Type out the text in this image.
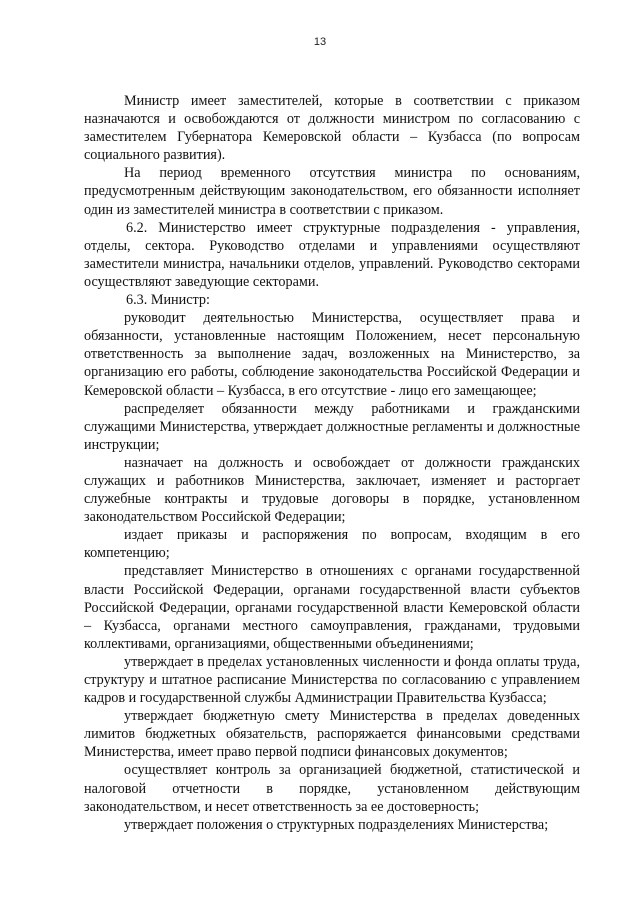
13

Министр имеет заместителей, которые в соответствии с приказом назначаются и освобождаются от должности министром по согласованию с заместителем Губернатора Кемеровской области – Кузбасса (по вопросам социального развития).

На период временного отсутствия министра по основаниям, предусмотренным действующим законодательством, его обязанности исполняет один из заместителей министра в соответствии с приказом.

6.2. Министерство имеет структурные подразделения - управления, отделы, сектора. Руководство отделами и управлениями осуществляют заместители министра, начальники отделов, управлений. Руководство секторами осуществляют заведующие секторами.

6.3. Министр:

руководит деятельностью Министерства, осуществляет права и обязанности, установленные настоящим Положением, несет персональную ответственность за выполнение задач, возложенных на Министерство, за организацию его работы, соблюдение законодательства Российской Федерации и Кемеровской области – Кузбасса, в его отсутствие - лицо его замещающее;

распределяет обязанности между работниками и гражданскими служащими Министерства, утверждает должностные регламенты и должностные инструкции;

назначает на должность и освобождает от должности гражданских служащих и работников Министерства, заключает, изменяет и расторгает служебные контракты и трудовые договоры в порядке, установленном законодательством Российской Федерации;

издает приказы и распоряжения по вопросам, входящим в его компетенцию;

представляет Министерство в отношениях с органами государственной власти Российской Федерации, органами государственной власти субъектов Российской Федерации, органами государственной власти Кемеровской области – Кузбасса, органами местного самоуправления, гражданами, трудовыми коллективами, организациями, общественными объединениями;

утверждает в пределах установленных численности и фонда оплаты труда, структуру и штатное расписание Министерства по согласованию с управлением кадров и государственной службы Администрации Правительства Кузбасса;

утверждает бюджетную смету Министерства в пределах доведенных лимитов бюджетных обязательств, распоряжается финансовыми средствами Министерства, имеет право первой подписи финансовых документов;

осуществляет контроль за организацией бюджетной, статистической и налоговой отчетности в порядке, установленном действующим законодательством, и несет ответственность за ее достоверность;

утверждает положения о структурных подразделениях Министерства;
